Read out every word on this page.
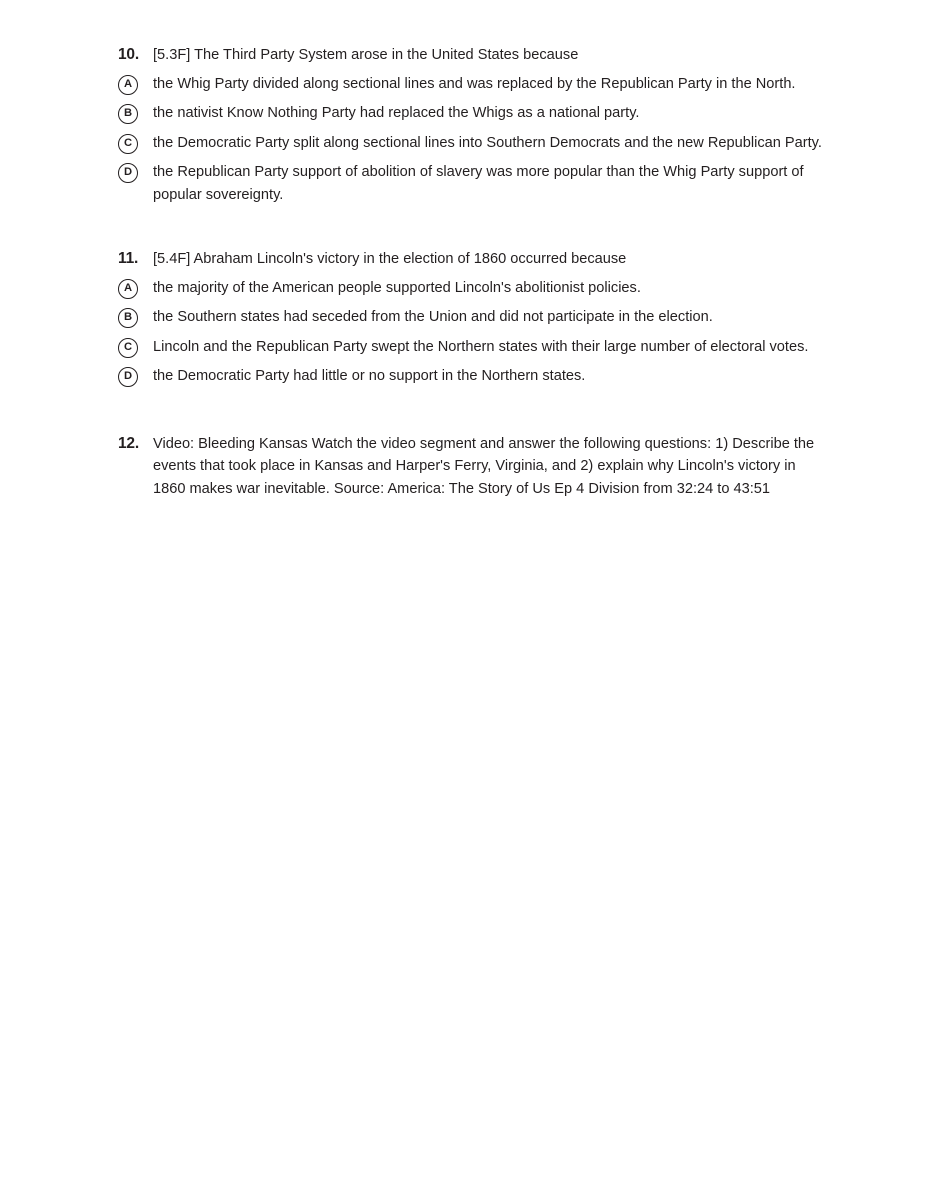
10. [5.3F] The Third Party System arose in the United States because
A	the Whig Party divided along sectional lines and was replaced by the Republican Party in the North.
B	the nativist Know Nothing Party had replaced the Whigs as a national party.
C	the Democratic Party split along sectional lines into Southern Democrats and the new Republican Party.
D	the Republican Party support of abolition of slavery was more popular than the Whig Party support of popular sovereignty.
11.	[5.4F] Abraham Lincoln's victory in the election of 1860 occurred because
A	the majority of the American people supported Lincoln's abolitionist policies.
B	the Southern states had seceded from the Union and did not participate in the election.
C	Lincoln and the Republican Party swept the Northern states with their large number of electoral votes.
D	the Democratic Party had little or no support in the Northern states.
12. Video: Bleeding Kansas Watch the video segment and answer the following questions: 1) Describe the events that took place in Kansas and Harper's Ferry, Virginia, and 2) explain why Lincoln's victory in 1860 makes war inevitable. Source: America: The Story of Us Ep 4 Division from 32:24 to 43:51
